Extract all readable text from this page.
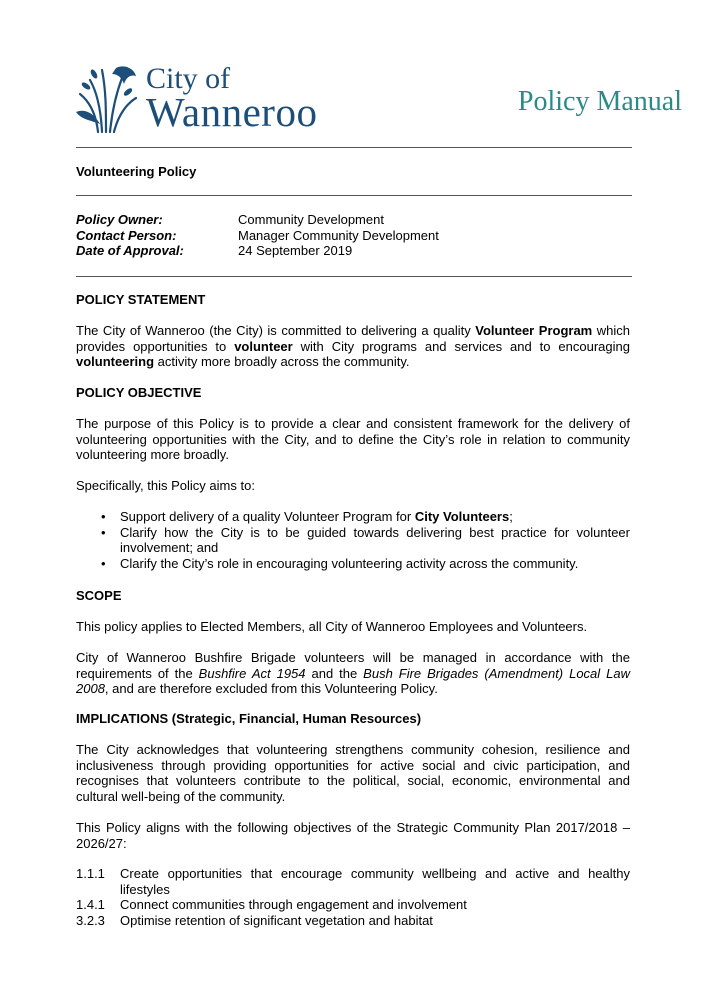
City of
Wanneroo	Policy Manual
Volunteering Policy
Policy Owner:	Community Development
Contact Person:	Manager Community Development
Date of Approval:	24 September 2019
POLICY STATEMENT
The City of Wanneroo (the City) is committed to delivering a quality Volunteer Program which provides opportunities to volunteer with City programs and services and to encouraging volunteering activity more broadly across the community.
POLICY OBJECTIVE
The purpose of this Policy is to provide a clear and consistent framework for the delivery of volunteering opportunities with the City, and to define the City’s role in relation to community volunteering more broadly.
Specifically, this Policy aims to:
• Support delivery of a quality Volunteer Program for City Volunteers;
• Clarify how the City is to be guided towards delivering best practice for volunteer involvement; and
• Clarify the City’s role in encouraging volunteering activity across the community.
SCOPE
This policy applies to Elected Members, all City of Wanneroo Employees and Volunteers.
City of Wanneroo Bushfire Brigade volunteers will be managed in accordance with the requirements of the Bushfire Act 1954 and the Bush Fire Brigades (Amendment) Local Law 2008, and are therefore excluded from this Volunteering Policy.
IMPLICATIONS (Strategic, Financial, Human Resources)
The City acknowledges that volunteering strengthens community cohesion, resilience and inclusiveness through providing opportunities for active social and civic participation, and recognises that volunteers contribute to the political, social, economic, environmental and cultural well-being of the community.
This Policy aligns with the following objectives of the Strategic Community Plan 2017/2018 – 2026/27:
1.1.1	Create opportunities that encourage community wellbeing and active and healthy lifestyles
1.4.1	Connect communities through engagement and involvement
3.2.3	Optimise retention of significant vegetation and habitat
